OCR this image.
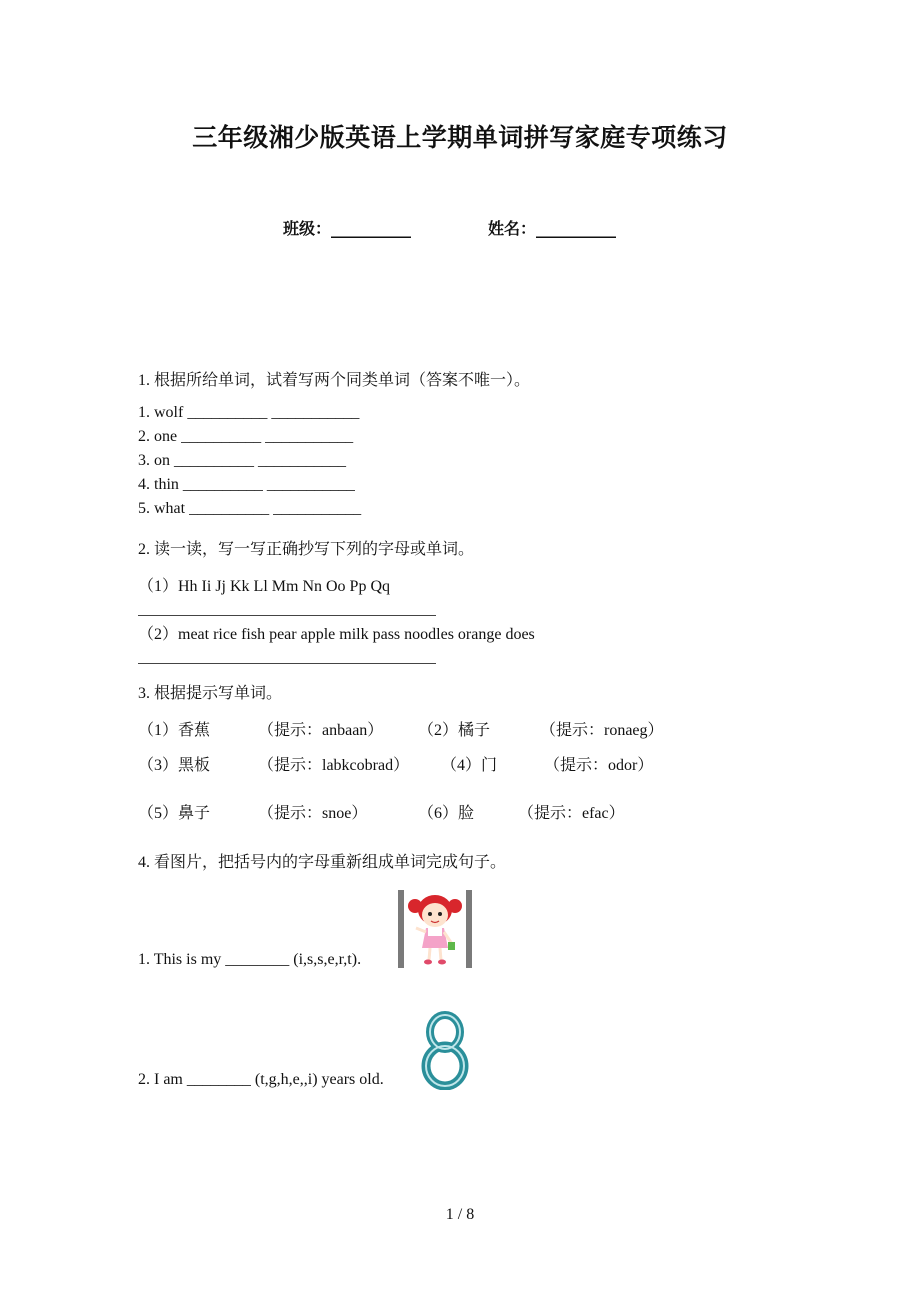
三年级湘少版英语上学期单词拼写家庭专项练习
班级：__________	姓名：__________
1. 根据所给单词，试着写两个同类单词（答案不唯一）。
1. wolf __________ ___________
2. one __________ ___________
3. on __________ ___________
4. thin __________ ___________
5. what __________ ___________
2. 读一读，写一写正确抄写下列的字母或单词。
（1）Hh Ii Jj Kk Ll Mm Nn Oo Pp Qq
（2）meat rice fish pear apple milk pass noodles orange does
3. 根据提示写单词。
（1）香蕉	（提示：anbaan） （2）橘子	（提示：ronaeg）
（3）黑板	（提示：labkcobrad） （4）门	（提示：odor）
（5）鼻子	（提示：snoe）	（6）脸	（提示：efac）
4. 看图片，把括号内的字母重新组成单词完成句子。
1. This is my ________ (i,s,s,e,r,t).
2. I am ________ (t,g,h,e,,i) years old.
1 / 8
